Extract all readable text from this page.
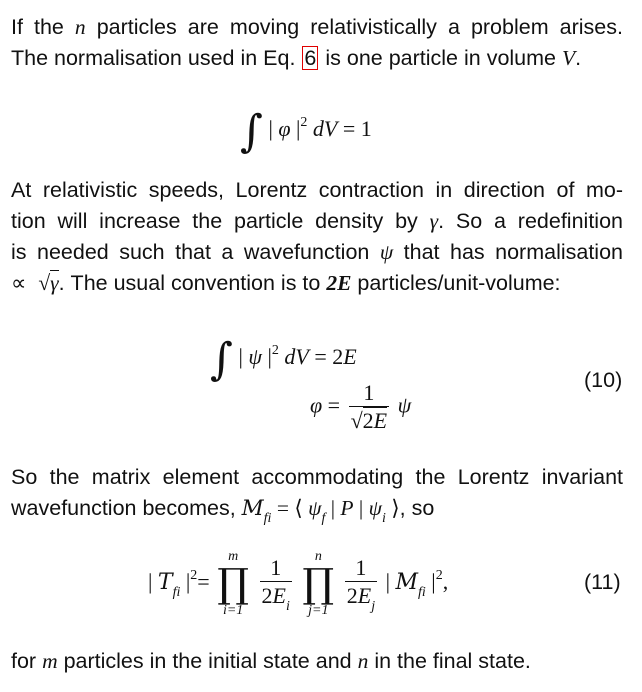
If the n particles are moving relativistically a problem arises.
The normalisation used in Eq. 6 is one particle in volume V.
∫ | φ $|^2$ dV = 1
At relativistic speeds, Lorentz contraction in direction of mo-
tion will increase the particle density by γ. So a redefinition
is needed such that a wavefunction ψ that has normalisation
∝ √γ. The usual convention is to 2E particles/unit-volume:
∫ | ψ $|^2$ dV = 2E
$\varphi = \frac{1}{√2E}$ ψ
(10)
So the matrix element accommodating the Lorentz invariant
wavefunction becomes, $M_{fi}$ = ⟨ $\psi_f$ | P | $\psi_i$ ⟩, so
| $T_{fi}$ $|^2=$
m
∏
i=1
$\frac{1}{2E_i}$
	n
∏
j=1
$\frac{1}{2E_j}$ | $M_{fi}$ $|^2$,	(11)
for m particles in the initial state and n in the final state.
